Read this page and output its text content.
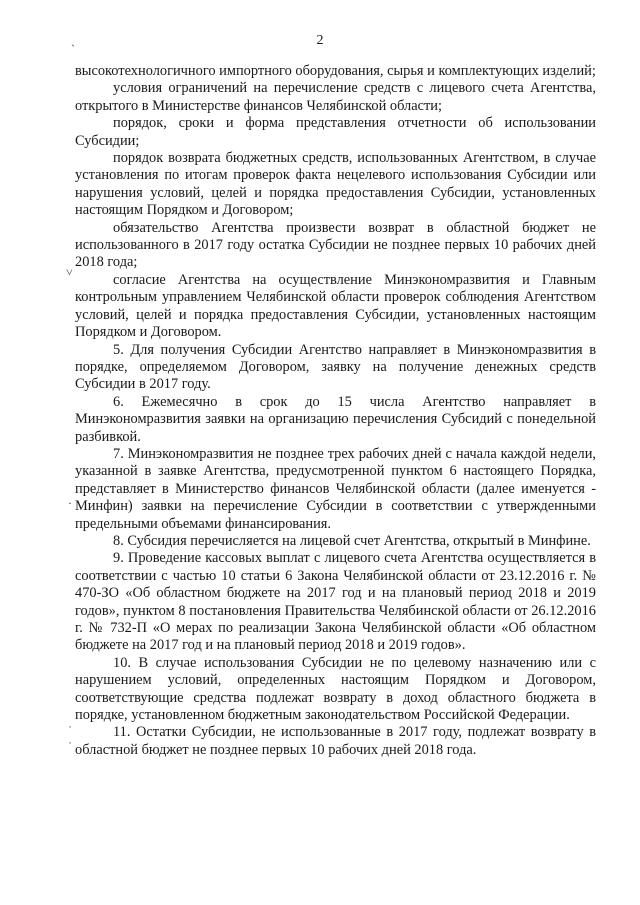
2
ˎ
˅
·
˙
˙

высокотехнологичного импортного оборудования, сырья и комплектующих изделий;

условия ограничений на перечисление средств с лицевого счета Агентства, открытого в Министерстве финансов Челябинской области;

порядок, сроки и форма представления отчетности об использовании Субсидии;

порядок возврата бюджетных средств, использованных Агентством, в случае установления по итогам проверок факта нецелевого использования Субсидии или нарушения условий, целей и порядка предоставления Субсидии, установленных настоящим Порядком и Договором;

обязательство Агентства произвести возврат в областной бюджет не использованного в 2017 году остатка Субсидии не позднее первых 10 рабочих дней 2018 года;

согласие Агентства на осуществление Минэкономразвития и Главным контрольным управлением Челябинской области проверок соблюдения Агентством условий, целей и порядка предоставления Субсидии, установленных настоящим Порядком и Договором.

5. Для получения Субсидии Агентство направляет в Минэкономразвития в порядке, определяемом Договором, заявку на получение денежных средств Субсидии в 2017 году.

6. Ежемесячно в срок до 15 числа Агентство направляет в Минэкономразвития заявки на организацию перечисления Субсидий с понедельной разбивкой.

7. Минэкономразвития не позднее трех рабочих дней с начала каждой недели, указанной в заявке Агентства, предусмотренной пунктом 6 настоящего Порядка, представляет в Министерство финансов Челябинской области (далее именуется - Минфин) заявки на перечисление Субсидии в соответствии с утвержденными предельными объемами финансирования.

8. Субсидия перечисляется на лицевой счет Агентства, открытый в Минфине.

9. Проведение кассовых выплат с лицевого счета Агентства осуществляется в соответствии с частью 10 статьи 6 Закона Челябинской области от 23.12.2016 г. № 470-ЗО «Об областном бюджете на 2017 год и на плановый период 2018 и 2019 годов», пунктом 8 постановления Правительства Челябинской области от 26.12.2016 г. № 732-П «О мерах по реализации Закона Челябинской области «Об областном бюджете на 2017 год и на плановый период 2018 и 2019 годов».

10. В случае использования Субсидии не по целевому назначению или с нарушением условий, определенных настоящим Порядком и Договором, соответствующие средства подлежат возврату в доход областного бюджета в порядке, установленном бюджетным законодательством Российской Федерации.

11. Остатки Субсидии, не использованные в 2017 году, подлежат возврату в областной бюджет не позднее первых 10 рабочих дней 2018 года.
